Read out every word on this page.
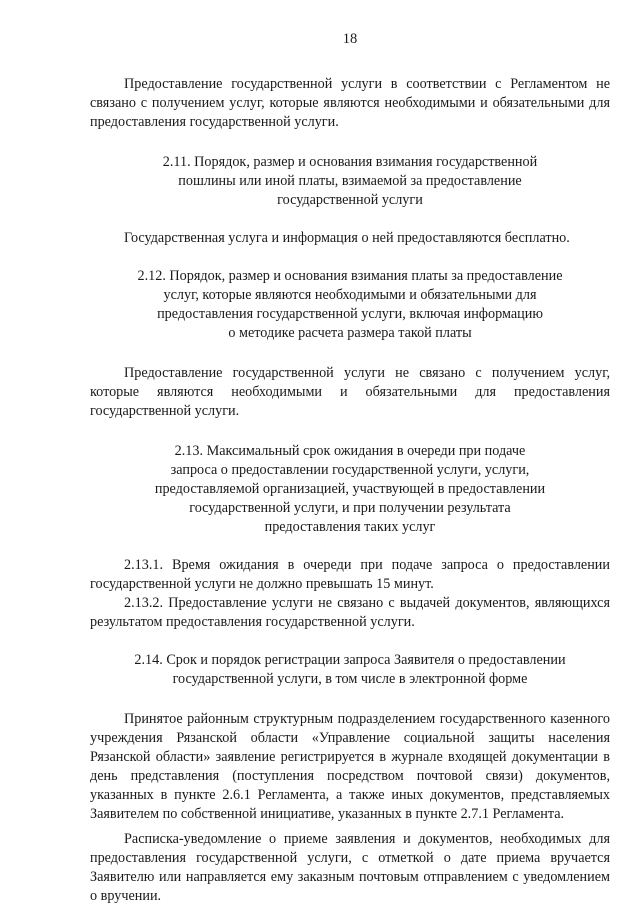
18

Предоставление государственной услуги в соответствии с Регламентом не связано с получением услуг, которые являются необходимыми и обязательными для предоставления государственной услуги.

2.11. Порядок, размер и основания взимания государственной
пошлины или иной платы, взимаемой за предоставление
государственной услуги

Государственная услуга и информация о ней предоставляются бесплатно.

2.12. Порядок, размер и основания взимания платы за предоставление
услуг, которые являются необходимыми и обязательными для
предоставления государственной услуги, включая информацию
о методике расчета размера такой платы

Предоставление государственной услуги не связано с получением услуг, которые являются необходимыми и обязательными для предоставления государственной услуги.

2.13. Максимальный срок ожидания в очереди при подаче
запроса о предоставлении государственной услуги, услуги,
предоставляемой организацией, участвующей в предоставлении
государственной услуги, и при получении результата
предоставления таких услуг

2.13.1. Время ожидания в очереди при подаче запроса о предоставлении государственной услуги не должно превышать 15 минут.

2.13.2. Предоставление услуги не связано с выдачей документов, являющихся результатом предоставления государственной услуги.

2.14. Срок и порядок регистрации запроса Заявителя о предоставлении
государственной услуги, в том числе в электронной форме

Принятое районным структурным подразделением государственного казенного учреждения Рязанской области «Управление социальной защиты населения Рязанской области» заявление регистрируется в журнале входящей документации в день представления (поступления посредством почтовой связи) документов, указанных в пункте 2.6.1 Регламента, а также иных документов, представляемых Заявителем по собственной инициативе, указанных в пункте 2.7.1 Регламента.

Расписка-уведомление о приеме заявления и документов, необходимых для предоставления государственной услуги, с отметкой о дате приема вручается Заявителю или направляется ему заказным почтовым отправлением с уведомлением о вручении.
